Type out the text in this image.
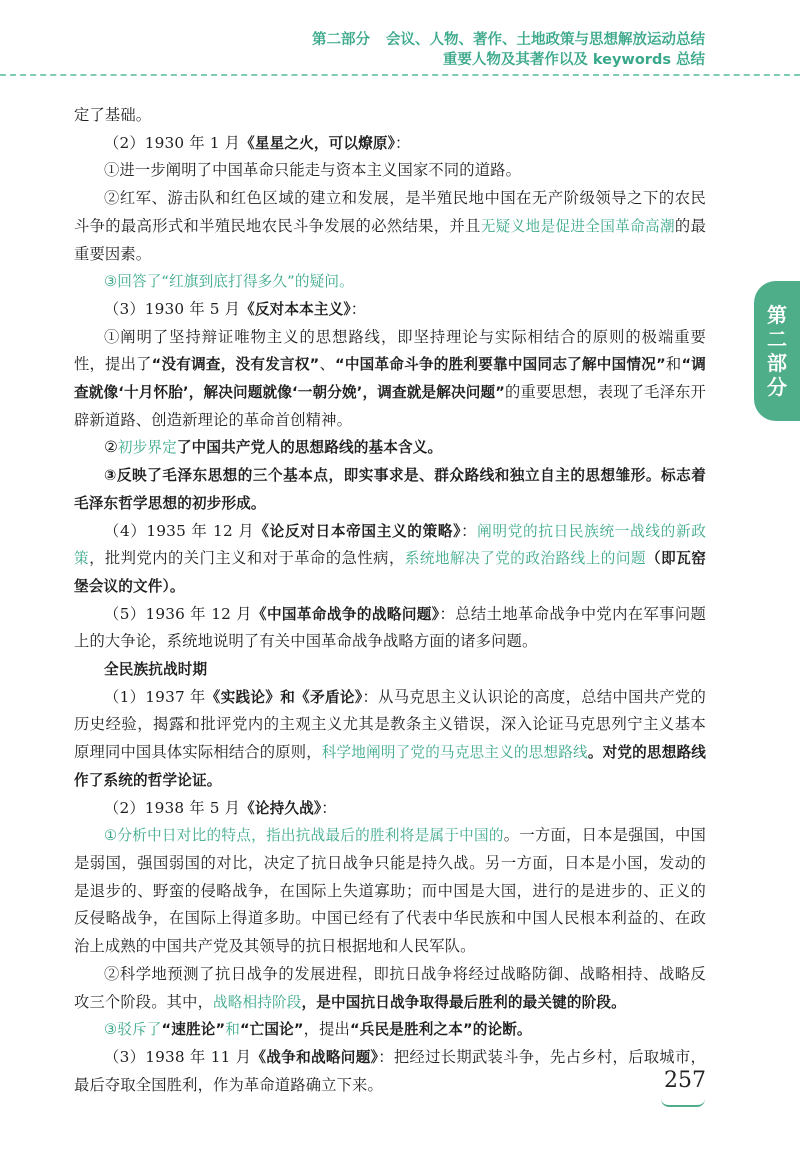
第二部分 会议、人物、著作、土地政策与思想解放运动总结
重要人物及其著作以及 keywords 总结
第二部分

定了基础。

（2）1930 年 1 月《星星之火，可以燎原》：

①进一步阐明了中国革命只能走与资本主义国家不同的道路。

②红军、游击队和红色区域的建立和发展，是半殖民地中国在无产阶级领导之下的农民斗争的最高形式和半殖民地农民斗争发展的必然结果，并且无疑义地是促进全国革命高潮的最重要因素。

③回答了“红旗到底打得多久”的疑问。

（3）1930 年 5 月《反对本本主义》：

①阐明了坚持辩证唯物主义的思想路线，即坚持理论与实际相结合的原则的极端重要性，提出了“没有调查，没有发言权”、“中国革命斗争的胜利要靠中国同志了解中国情况”和“调查就像‘十月怀胎’，解决问题就像‘一朝分娩’，调查就是解决问题”的重要思想，表现了毛泽东开辟新道路、创造新理论的革命首创精神。

②初步界定了中国共产党人的思想路线的基本含义。

③反映了毛泽东思想的三个基本点，即实事求是、群众路线和独立自主的思想雏形。标志着毛泽东哲学思想的初步形成。

（4）1935 年 12 月《论反对日本帝国主义的策略》：阐明党的抗日民族统一战线的新政策，批判党内的关门主义和对于革命的急性病，系统地解决了党的政治路线上的问题（即瓦窑堡会议的文件）。

（5）1936 年 12 月《中国革命战争的战略问题》：总结土地革命战争中党内在军事问题上的大争论，系统地说明了有关中国革命战争战略方面的诸多问题。

全民族抗战时期

（1）1937 年《实践论》和《矛盾论》：从马克思主义认识论的高度，总结中国共产党的历史经验，揭露和批评党内的主观主义尤其是教条主义错误，深入论证马克思列宁主义基本原理同中国具体实际相结合的原则，科学地阐明了党的马克思主义的思想路线。对党的思想路线作了系统的哲学论证。

（2）1938 年 5 月《论持久战》：

①分析中日对比的特点，指出抗战最后的胜利将是属于中国的。一方面，日本是强国，中国是弱国，强国弱国的对比，决定了抗日战争只能是持久战。另一方面，日本是小国，发动的是退步的、野蛮的侵略战争，在国际上失道寡助；而中国是大国，进行的是进步的、正义的反侵略战争，在国际上得道多助。中国已经有了代表中华民族和中国人民根本利益的、在政治上成熟的中国共产党及其领导的抗日根据地和人民军队。

②科学地预测了抗日战争的发展进程，即抗日战争将经过战略防御、战略相持、战略反攻三个阶段。其中，战略相持阶段，是中国抗日战争取得最后胜利的最关键的阶段。

③驳斥了“速胜论”和“亡国论”，提出“兵民是胜利之本”的论断。

（3）1938 年 11 月《战争和战略问题》：把经过长期武装斗争，先占乡村，后取城市，最后夺取全国胜利，作为革命道路确立下来。	257
